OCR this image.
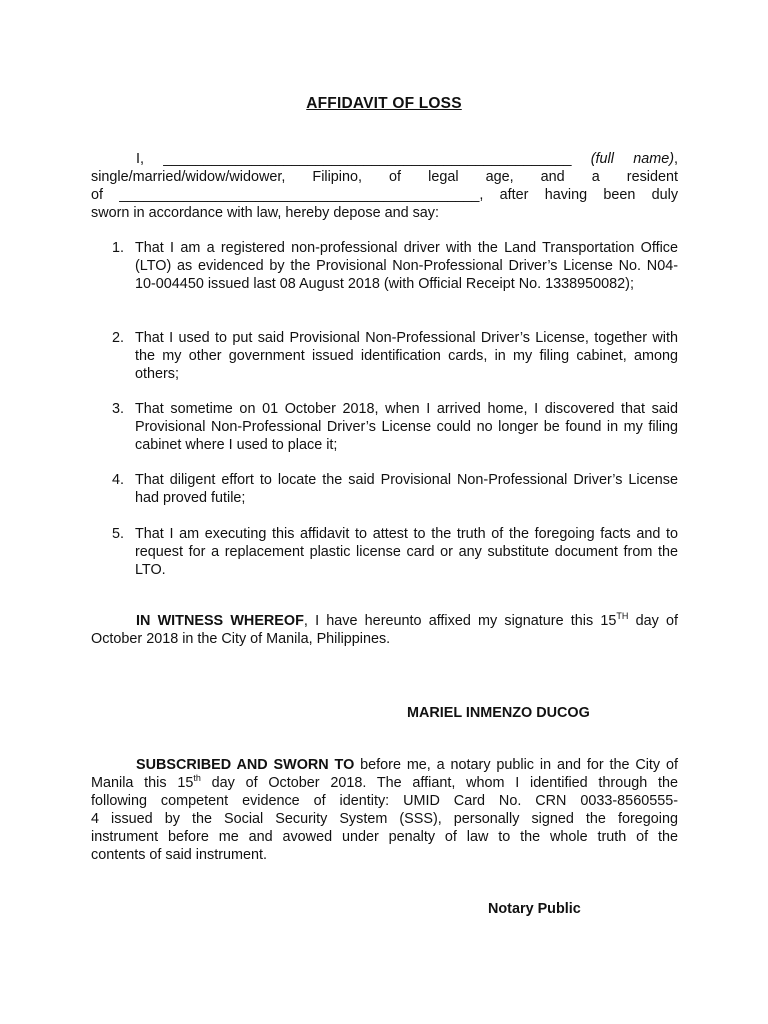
AFFIDAVIT OF LOSS
I, ___________________________________________________ (full name),
single/married/widow/widower, Filipino, of legal age, and a resident
of _____________________________________________, after having been duly
sworn in accordance with law, hereby depose and say:
1. That I am a registered non-professional driver with the Land Transportation Office (LTO) as evidenced by the Provisional Non-Professional Driver’s License No. N04-10-004450 issued last 08 August 2018 (with Official Receipt No. 1338950082);
2. That I used to put said Provisional Non-Professional Driver’s License, together with the my other government issued identification cards, in my filing cabinet, among others;
3. That sometime on 01 October 2018, when I arrived home, I discovered that said Provisional Non-Professional Driver’s License could no longer be found in my filing cabinet where I used to place it;
4. That diligent effort to locate the said Provisional Non-Professional Driver’s License had proved futile;
5. That I am executing this affidavit to attest to the truth of the foregoing facts and to request for a replacement plastic license card or any substitute document from the LTO.
IN WITNESS WHEREOF, I have hereunto affixed my signature this 15TH day of
October 2018 in the City of Manila, Philippines.
MARIEL INMENZO DUCOG
SUBSCRIBED AND SWORN TO before me, a notary public in and for the City of
Manila this 15th day of October 2018. The affiant, whom I identified through the
following competent evidence of identity: UMID Card No. CRN 0033-8560555-
4 issued by the Social Security System (SSS), personally signed the foregoing
instrument before me and avowed under penalty of law to the whole truth of the
contents of said instrument.
Notary Public
